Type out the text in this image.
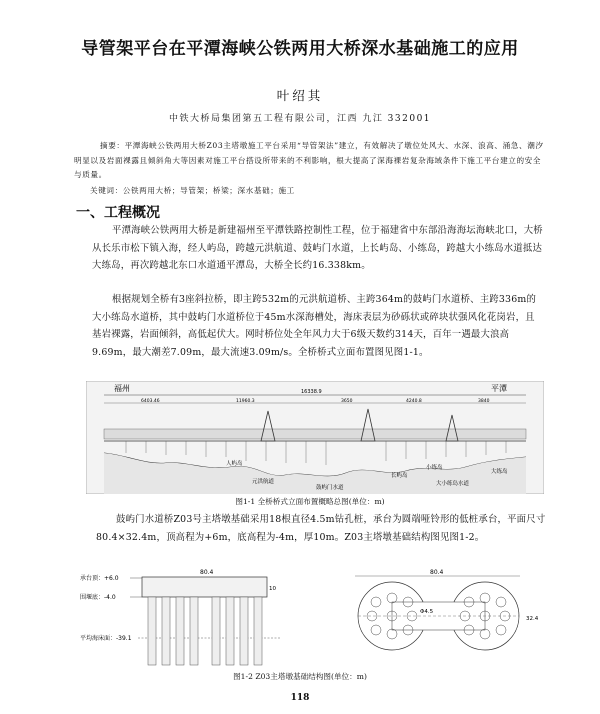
导管架平台在平潭海峡公铁两用大桥深水基础施工的应用
叶绍其
中铁大桥局集团第五工程有限公司，江西 九江 332001
摘要：平潭海峡公铁两用大桥Z03主塔墩施工平台采用“导管架法”建立，有效解决了墩位处风大、水深、浪高、涌急、潮汐明显以及岩面裸露且倾斜角大等因素对施工平台搭设所带来的不利影响，根大提高了深海裸岩复杂海域条件下施工平台建立的安全与质量。
关键词：公铁两用大桥；导管架；桥梁；深水基础；施工
一、工程概况
平潭海峡公铁两用大桥是新建福州至平潭铁路控制性工程，位于福建省中东部沿海海坛海峡北口，大桥从长乐市松下镇入海，经人屿岛，跨越元洪航道、鼓屿门水道，上长屿岛、小练岛，跨越大小练岛水道抵达大练岛，再次跨越北东口水道通平潭岛，大桥全长约16.338km。
根据规划全桥有3座斜拉桥，即主跨532m的元洪航道桥、主跨364m的鼓屿门水道桥、主跨336m的大小练岛水道桥，其中鼓屿门水道桥位于45m水深海槽处，海床表层为砂砾状或碎块状强风化花岗岩，且基岩裸露，岩面倾斜，高低起伏大。网时桥位处全年风力大于6级天数约314天，百年一遇最大浪高9.69m，最大潮差7.09m，最大流速3.09m/s。全桥桥式立面布置图见图1-1。
福州	平潭
16338.9
6403.46	11960.3	3650	4240.8	3840
人屿岛
元洪航道
鼓屿门水道
长屿岛
小练岛
大小练岛水道
大练岛
图1-1 全桥桥式立面布置概略总图(单位：m)
鼓屿门水道桥Z03号主塔墩基础采用18根直径4.5m钻孔桩，承台为圆端哑铃形的低桩承台，平面尺寸80.4×32.4m，顶高程为+6m，底高程为-4m，厚10m。Z03主塔墩基础结构图见图1-2。
承台顶：+6.0
围堰底：-4.0
平均海床面：-39.1
80.4
10
80.4
Φ4.5
32.4
图1-2 Z03主塔墩基础结构图(单位：m)
118
